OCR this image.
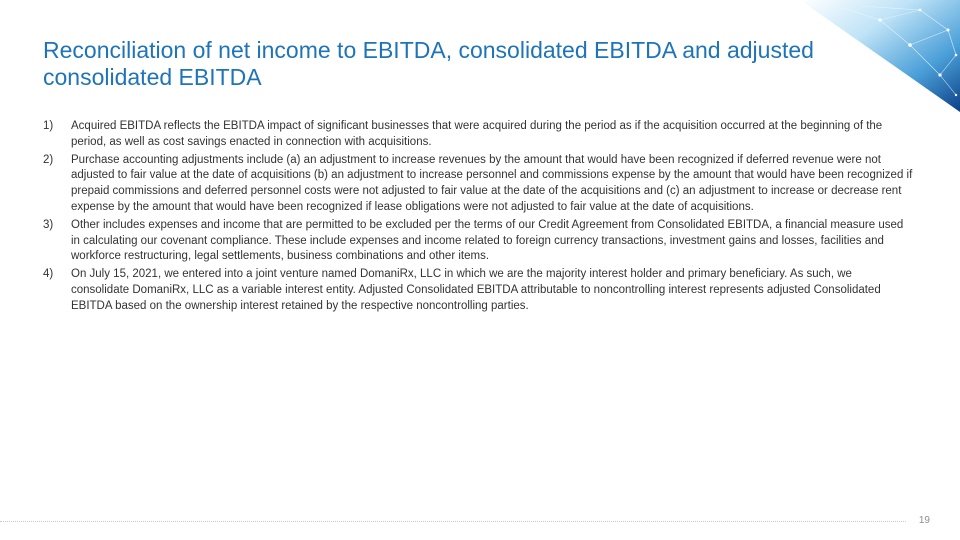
Reconciliation of net income to EBITDA, consolidated EBITDA and adjusted consolidated EBITDA
1) Acquired EBITDA reflects the EBITDA impact of significant businesses that were acquired during the period as if the acquisition occurred at the beginning of the period, as well as cost savings enacted in connection with acquisitions.
2) Purchase accounting adjustments include (a) an adjustment to increase revenues by the amount that would have been recognized if deferred revenue were not adjusted to fair value at the date of acquisitions (b) an adjustment to increase personnel and commissions expense by the amount that would have been recognized if prepaid commissions and deferred personnel costs were not adjusted to fair value at the date of the acquisitions and (c) an adjustment to increase or decrease rent expense by the amount that would have been recognized if lease obligations were not adjusted to fair value at the date of acquisitions.
3) Other includes expenses and income that are permitted to be excluded per the terms of our Credit Agreement from Consolidated EBITDA, a financial measure used in calculating our covenant compliance. These include expenses and income related to foreign currency transactions, investment gains and losses, facilities and workforce restructuring, legal settlements, business combinations and other items.
4) On July 15, 2021, we entered into a joint venture named DomaniRx, LLC in which we are the majority interest holder and primary beneficiary. As such, we consolidate DomaniRx, LLC as a variable interest entity. Adjusted Consolidated EBITDA attributable to noncontrolling interest represents adjusted Consolidated EBITDA based on the ownership interest retained by the respective noncontrolling parties.
19
